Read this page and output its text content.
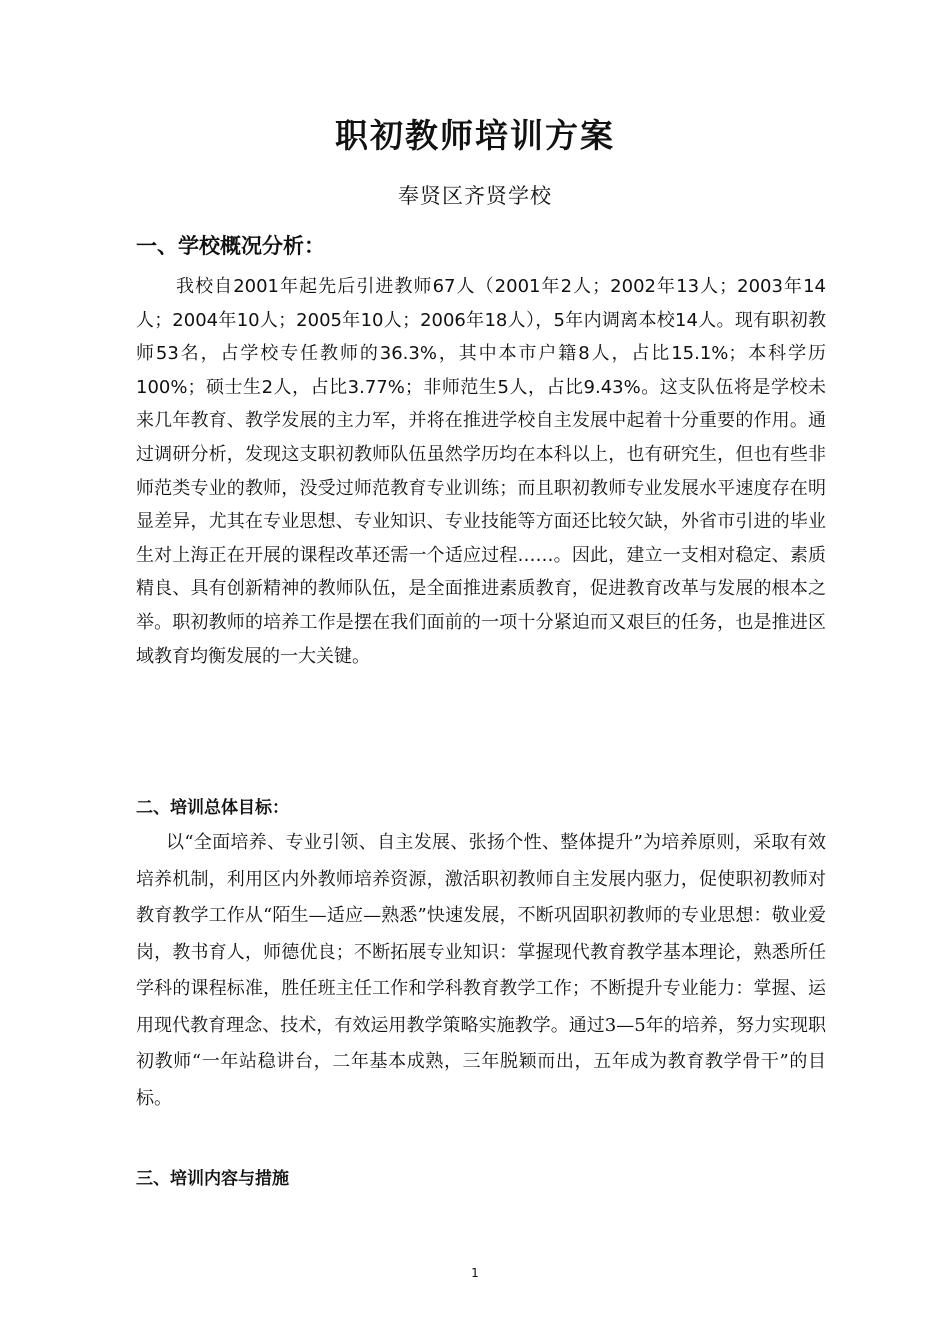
职初教师培训方案
奉贤区齐贤学校
一、学校概况分析：

我校自2001年起先后引进教师67人（2001年2人；2002年13人；2003年14人；2004年10人；2005年10人；2006年18人），5年内调离本校14人。现有职初教师53名，占学校专任教师的36.3%，其中本市户籍8人，占比15.1%；本科学历100%；硕士生2人，占比3.77%；非师范生5人，占比9.43%。这支队伍将是学校未来几年教育、教学发展的主力军，并将在推进学校自主发展中起着十分重要的作用。通过调研分析，发现这支职初教师队伍虽然学历均在本科以上，也有研究生，但也有些非师范类专业的教师，没受过师范教育专业训练；而且职初教师专业发展水平速度存在明显差异，尤其在专业思想、专业知识、专业技能等方面还比较欠缺，外省市引进的毕业生对上海正在开展的课程改革还需一个适应过程……。因此，建立一支相对稳定、素质精良、具有创新精神的教师队伍，是全面推进素质教育，促进教育改革与发展的根本之举。职初教师的培养工作是摆在我们面前的一项十分紧迫而又艰巨的任务，也是推进区域教育均衡发展的一大关键。

二、培训总体目标：

以“全面培养、专业引领、自主发展、张扬个性、整体提升”为培养原则，采取有效培养机制，利用区内外教师培养资源，激活职初教师自主发展内驱力，促使职初教师对教育教学工作从“陌生—适应—熟悉”快速发展，不断巩固职初教师的专业思想：敬业爱岗，教书育人，师德优良；不断拓展专业知识：掌握现代教育教学基本理论，熟悉所任学科的课程标准，胜任班主任工作和学科教育教学工作；不断提升专业能力：掌握、运用现代教育理念、技术，有效运用教学策略实施教学。通过3—5年的培养，努力实现职初教师“一年站稳讲台，二年基本成熟，三年脱颖而出，五年成为教育教学骨干”的目标。

三、培训内容与措施
1
